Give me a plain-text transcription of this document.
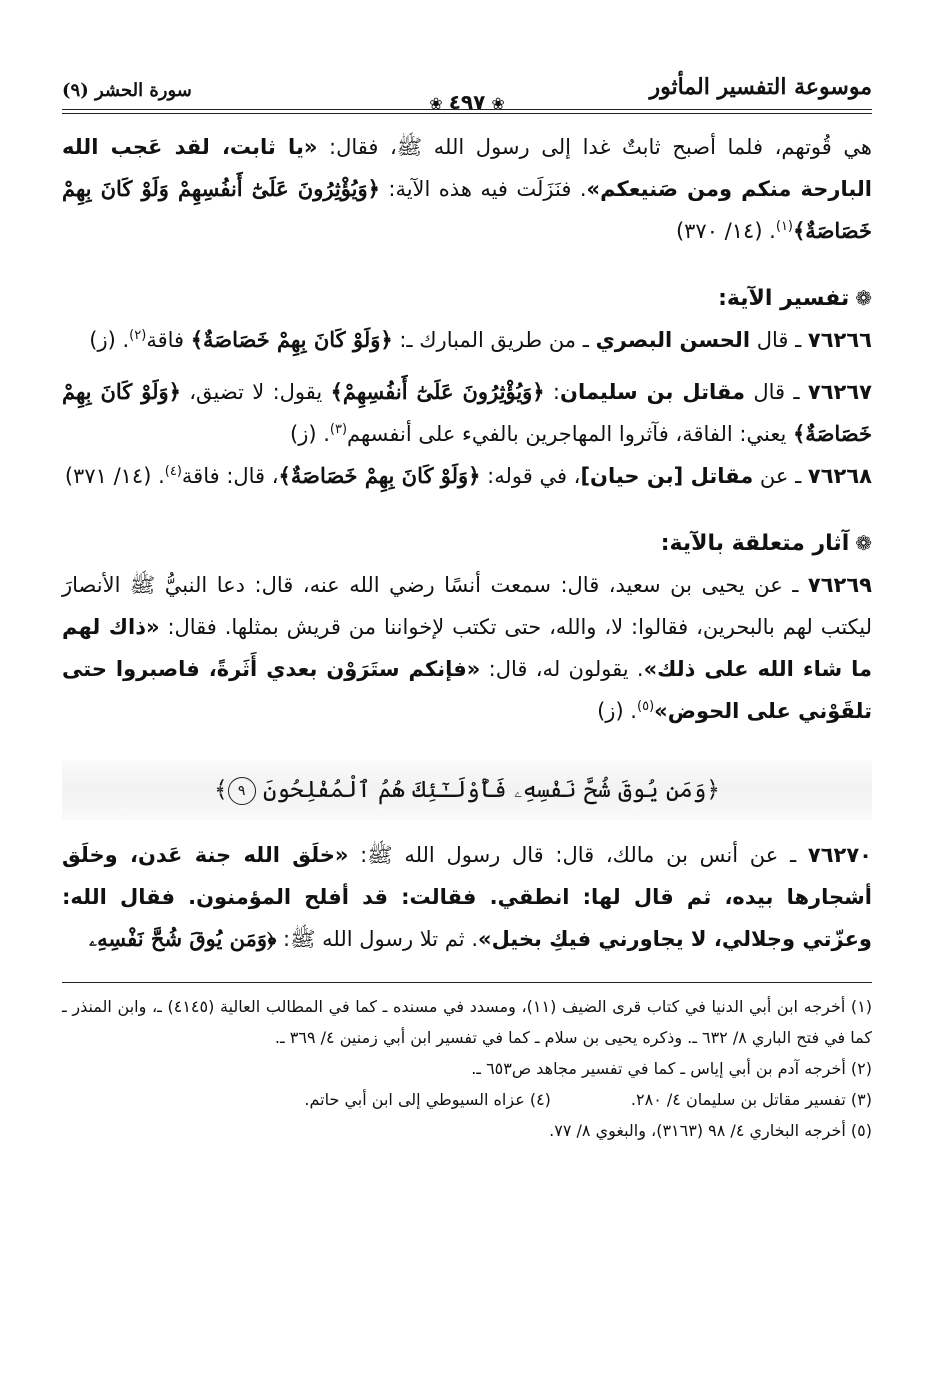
موسوعة التفسير المأثور
❀٤٩٧❀
سورة الحشر (٩)

هي قُوتهم، فلما أصبح ثابتٌ غدا إلى رسول الله ﷺ، فقال: «يا ثابت، لقد عَجب الله البارحة منكم ومن صَنيعكم». فنَزَلَت فيه هذه الآية: ﴿وَيُؤْثِرُونَ عَلَىٰٓ أَنفُسِهِمْ وَلَوْ كَانَ بِهِمْ خَصَاصَةٌ﴾$^{(١)}$. (١٤/ ٣٧٠)

❁تفسير الآية:

٧٦٢٦٦ ـ قال الحسن البصري ـ من طريق المبارك ـ: ﴿وَلَوْ كَانَ بِهِمْ خَصَاصَةٌ﴾ فاقة$^{(٢)}$. (ز)

٧٦٢٦٧ ـ قال مقاتل بن سليمان: ﴿وَيُؤْثِرُونَ عَلَىٰٓ أَنفُسِهِمْ﴾ يقول: لا تضيق، ﴿وَلَوْ كَانَ بِهِمْ خَصَاصَةٌ﴾ يعني: الفاقة، فآثروا المهاجرين بالفيء على أنفسهم$^{(٣)}$. (ز)

٧٦٢٦٨ ـ عن مقاتل [بن حيان]، في قوله: ﴿وَلَوْ كَانَ بِهِمْ خَصَاصَةٌ﴾، قال: فاقة$^{(٤)}$. (١٤/ ٣٧١)

❁آثار متعلقة بالآية:

٧٦٢٦٩ ـ عن يحيى بن سعيد، قال: سمعت أنسًا رضي الله عنه، قال: دعا النبيُّ ﷺ الأنصارَ ليكتب لهم بالبحرين، فقالوا: لا، والله، حتى تكتب لإخواننا من قريش بمثلها. فقال: «ذاك لهم ما شاء الله على ذلك». يقولون له، قال: «فإنكم ستَرَوْن بعدي أَثَرةً، فاصبروا حتى تلقَوْني على الحوض»$^{(٥)}$. (ز)

﴿وَمَن يُوقَ شُحَّ نَفْسِهِۦ فَأُوْلَـٰٓئِكَ هُمُ ٱلْمُفْلِحُونَ ٩﴾

٧٦٢٧٠ ـ عن أنس بن مالك، قال: قال رسول الله ﷺ: «خلَق الله جنة عَدن، وخلَق أشجارها بيده، ثم قال لها: انطقي. فقالت: قد أفلح المؤمنون. فقال الله: وعزّتي وجلالي، لا يجاورني فيكِ بخيل». ثم تلا رسول الله ﷺ: ﴿وَمَن يُوقَ شُحَّ نَفْسِهِۦ

(١) أخرجه ابن أبي الدنيا في كتاب قرى الضيف (١١)، ومسدد في مسنده ـ كما في المطالب العالية (٤١٤٥) ـ، وابن المنذر ـ كما في فتح الباري ٨/ ٦٣٢ ـ. وذكره يحيى بن سلام ـ كما في تفسير ابن أبي زمنين ٤/ ٣٦٩ ـ.

(٢) أخرجه آدم بن أبي إياس ـ كما في تفسير مجاهد ص٦٥٣ ـ.

(٣) تفسير مقاتل بن سليمان ٤/ ٢٨٠.
(٤) عزاه السيوطي إلى ابن أبي حاتم.

(٥) أخرجه البخاري ٤/ ٩٨ (٣١٦٣)، والبغوي ٨/ ٧٧.
